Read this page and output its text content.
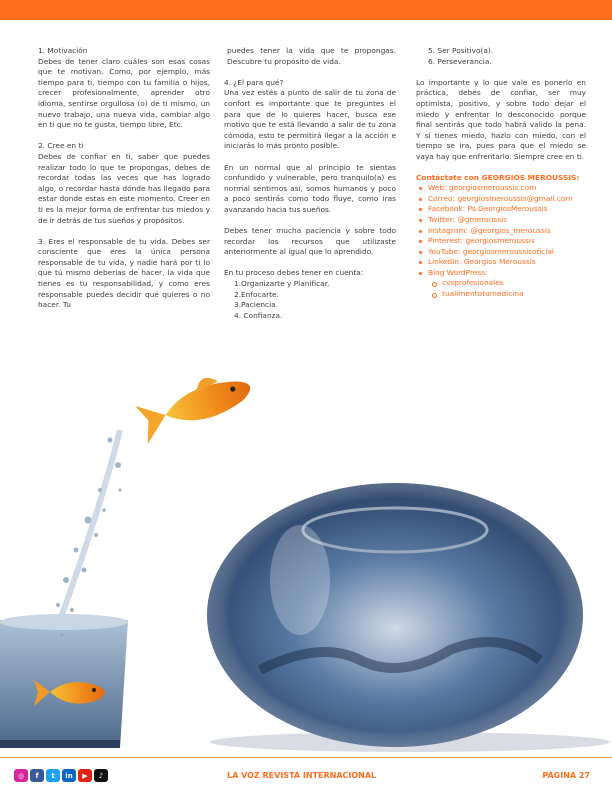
1. Motivación

Debes de tener claro cuáles son esas cosas que te motivan. Como, por ejemplo, más tiempo para ti, tiempo con tu familia o hijos, crecer profesionalmente, aprender otro idioma, sentirse orgullosa (o) de ti mismo, un nuevo trabajo, una nueva vida, cambiar algo en ti que no te gusta, tiempo libre, Etc.

2. Cree en ti

Debes de confiar en ti, saber que puedes realizar todo lo que te propongas, debes de recordar todas las veces que has logrado algo, o recordar hasta dónde has llegado para estar donde estas en este momento. Creer en ti es la mejor forma de enfrentar tus miedos y de ir detrás de tus sueños y propósitos.

3. Eres el responsable de tu vida. Debes ser consciente que eres la única persona responsable de tu vida, y nadie hará por ti lo que tú mismo deberías de hacer, la vida que tienes es tu responsabilidad, y como eres responsable puedes decidir qué quieres o no hacer. Tu

puedes tener la vida que te propongas. Descubre tu propósito de vida.

4. ¿El para qué?

Una vez estés a punto de salir de tu zona de confort es importante que te preguntes el para que de lo quieres hacer, busca ese motivo que te está llevando a salir de tu zona cómoda, esto te permitirá llegar a la acción e iniciarás lo más pronto posible.

En un normal que al principio te sientas confundido y vulnerable, pero tranquilo(a) es normal sentirnos así, somos humanos y poco a poco sentirás como todo fluye, como iras avanzando hacia tus sueños.

Debes tener mucha paciencia y sobre todo recordar los recursos que utilizaste anteriormente al igual que lo aprendido.

En tu proceso debes tener en cuenta:

1.Organizarte y Planificar.
2.Enfocarte.
3.Paciencia.
4. Confianza.
5. Ser Positivo(a).
6. Perseverancia.

Lo importante y lo que vale es ponerlo en práctica, debes de confiar, ser muy optimista, positivo, y sobre todo dejar el miedo y enfrentar lo desconocido porque final sentirás que todo habrá valido la pena. Y si tienes miedo, hazlo con miedo, con el tiempo se ira, pues para que el miedo se vaya hay que enfrentarlo. Siempre cree en ti.

Contáctate con GEORGIOS MEROUSSIS:

Web: georgiosmeroussis.com
Correo: georgiosmeroussis@gmail.com
Facebook: Ps.GeorgiosMeroussis
Twitter: @gmeroussis
Instagram: @georgios_meroussis
Pinterest: georgiosmeroussis
YouTube: georgiosmeroussisoficial
LinkedIn: Georgios Meroussis
Blog WordPress:
cvsprofesionales
tualimentotumedicina
◎	f	t	in	▶	♪	LA VOZ REVISTA INTERNACIONAL	PÁGINA 27
